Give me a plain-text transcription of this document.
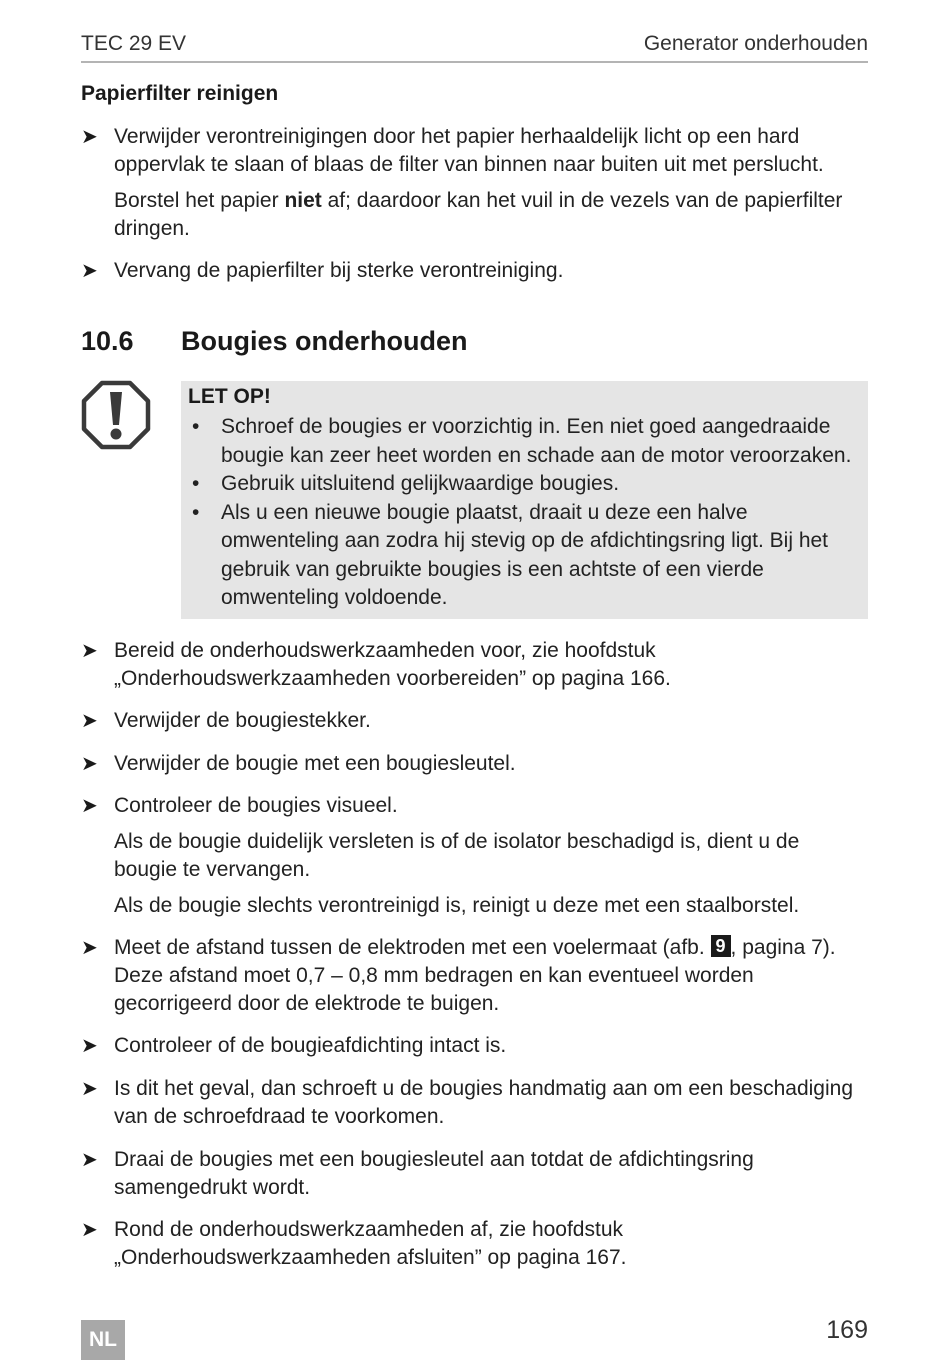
TEC 29 EV	Generator onderhouden
Papierfilter reinigen
➤ Verwijder verontreinigingen door het papier herhaaldelijk licht op een hard oppervlak te slaan of blaas de filter van binnen naar buiten uit met perslucht.
Borstel het papier niet af; daardoor kan het vuil in de vezels van de papierfilter dringen.
➤ Vervang de papierfilter bij sterke verontreiniging.
10.6 Bougies onderhouden
LET OP!
• Schroef de bougies er voorzichtig in. Een niet goed aangedraaide bougie kan zeer heet worden en schade aan de motor veroorzaken.
• Gebruik uitsluitend gelijkwaardige bougies.
• Als u een nieuwe bougie plaatst, draait u deze een halve omwenteling aan zodra hij stevig op de afdichtingsring ligt. Bij het gebruik van gebruikte bougies is een achtste of een vierde omwenteling voldoende.
➤ Bereid de onderhoudswerkzaamheden voor, zie hoofdstuk „Onderhoudswerkzaamheden voorbereiden” op pagina 166.
➤ Verwijder de bougiestekker.
➤ Verwijder de bougie met een bougiesleutel.
➤ Controleer de bougies visueel.
Als de bougie duidelijk versleten is of de isolator beschadigd is, dient u de bougie te vervangen.
Als de bougie slechts verontreinigd is, reinigt u deze met een staalborstel.
➤ Meet de afstand tussen de elektroden met een voelermaat (afb. 9 , pagina 7). Deze afstand moet 0,7 – 0,8 mm bedragen en kan eventueel worden gecorrigeerd door de elektrode te buigen.
➤ Controleer of de bougieafdichting intact is.
➤ Is dit het geval, dan schroeft u de bougies handmatig aan om een beschadiging van de schroefdraad te voorkomen.
➤ Draai de bougies met een bougiesleutel aan totdat de afdichtingsring samengedrukt wordt.
➤ Rond de onderhoudswerkzaamheden af, zie hoofdstuk „Onderhoudswerkzaamheden afsluiten” op pagina 167.
NL	169
